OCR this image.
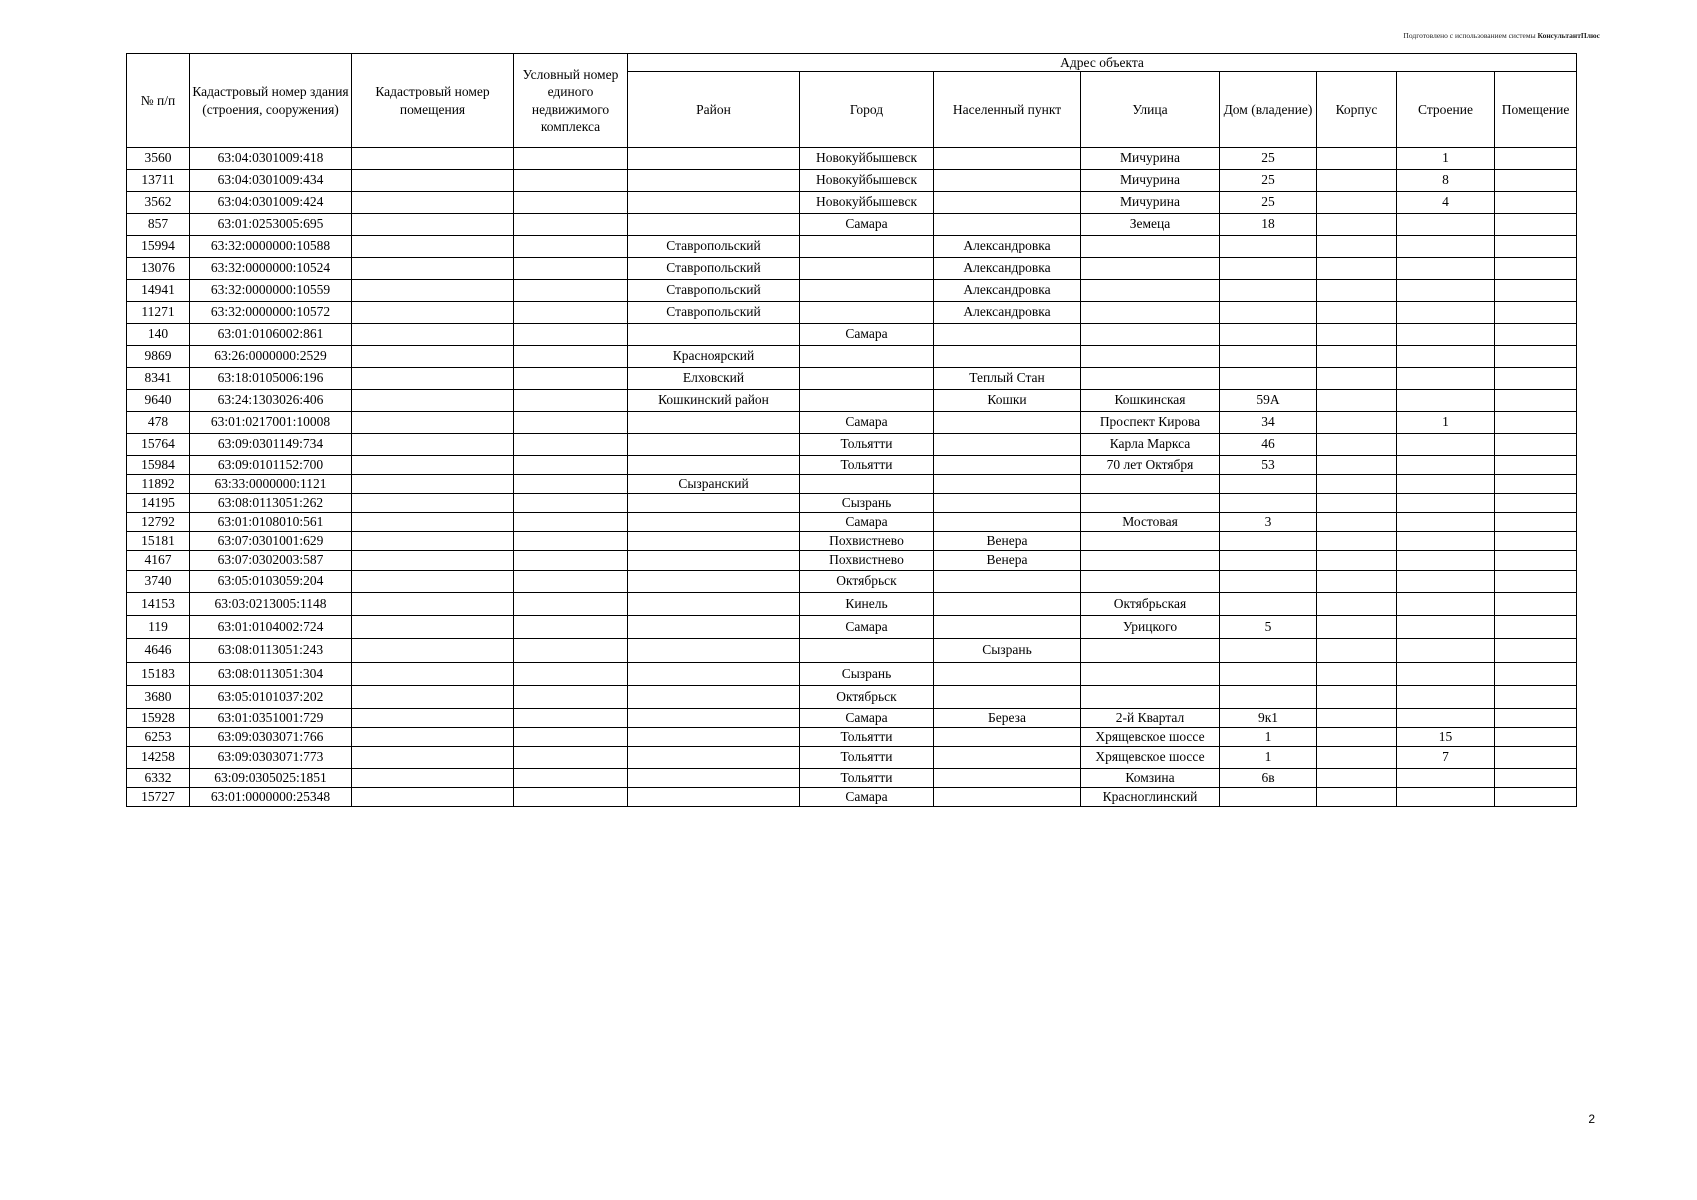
Подготовлено с использованием системы КонсультантПлюс
№ п/п	Кадастровый номер здания (строения, сооружения)	Кадастровый номер помещения	Условный номер единого недвижимого комплекса	Адрес объекта							
				Район	Город	Населенный пункт	Улица	Дом (владение)	Корпус	Строение	Помещение
3560	63:04:0301009:418				Новокуйбышевск		Мичурина	25		1	
13711	63:04:0301009:434				Новокуйбышевск		Мичурина	25		8	
3562	63:04:0301009:424				Новокуйбышевск		Мичурина	25		4	
857	63:01:0253005:695				Самара		Земеца	18			
15994	63:32:0000000:10588			Ставропольский		Александровка					
13076	63:32:0000000:10524			Ставропольский		Александровка					
14941	63:32:0000000:10559			Ставропольский		Александровка					
11271	63:32:0000000:10572			Ставропольский		Александровка					
140	63:01:0106002:861				Самара						
9869	63:26:0000000:2529			Красноярский							
8341	63:18:0105006:196			Елховский		Теплый Стан					
9640	63:24:1303026:406			Кошкинский район		Кошки	Кошкинская	59А			
478	63:01:0217001:10008				Самара		Проспект Кирова	34		1	
15764	63:09:0301149:734				Тольятти		Карла Маркса	46			
15984	63:09:0101152:700				Тольятти		70 лет Октября	53			
11892	63:33:0000000:1121			Сызранский							
14195	63:08:0113051:262				Сызрань						
12792	63:01:0108010:561				Самара		Мостовая	3			
15181	63:07:0301001:629				Похвистнево	Венера					
4167	63:07:0302003:587				Похвистнево	Венера					
3740	63:05:0103059:204				Октябрьск						
14153	63:03:0213005:1148				Кинель		Октябрьская				
119	63:01:0104002:724				Самара		Урицкого	5			
4646	63:08:0113051:243					Сызрань					
15183	63:08:0113051:304				Сызрань						
3680	63:05:0101037:202				Октябрьск						
15928	63:01:0351001:729				Самара	Береза	2-й Квартал	9к1			
6253	63:09:0303071:766				Тольятти		Хрящевское шоссе	1		15	
14258	63:09:0303071:773				Тольятти		Хрящевское шоссе	1		7	
6332	63:09:0305025:1851				Тольятти		Комзина	6в			
15727	63:01:0000000:25348				Самара		Красноглинский				
2
